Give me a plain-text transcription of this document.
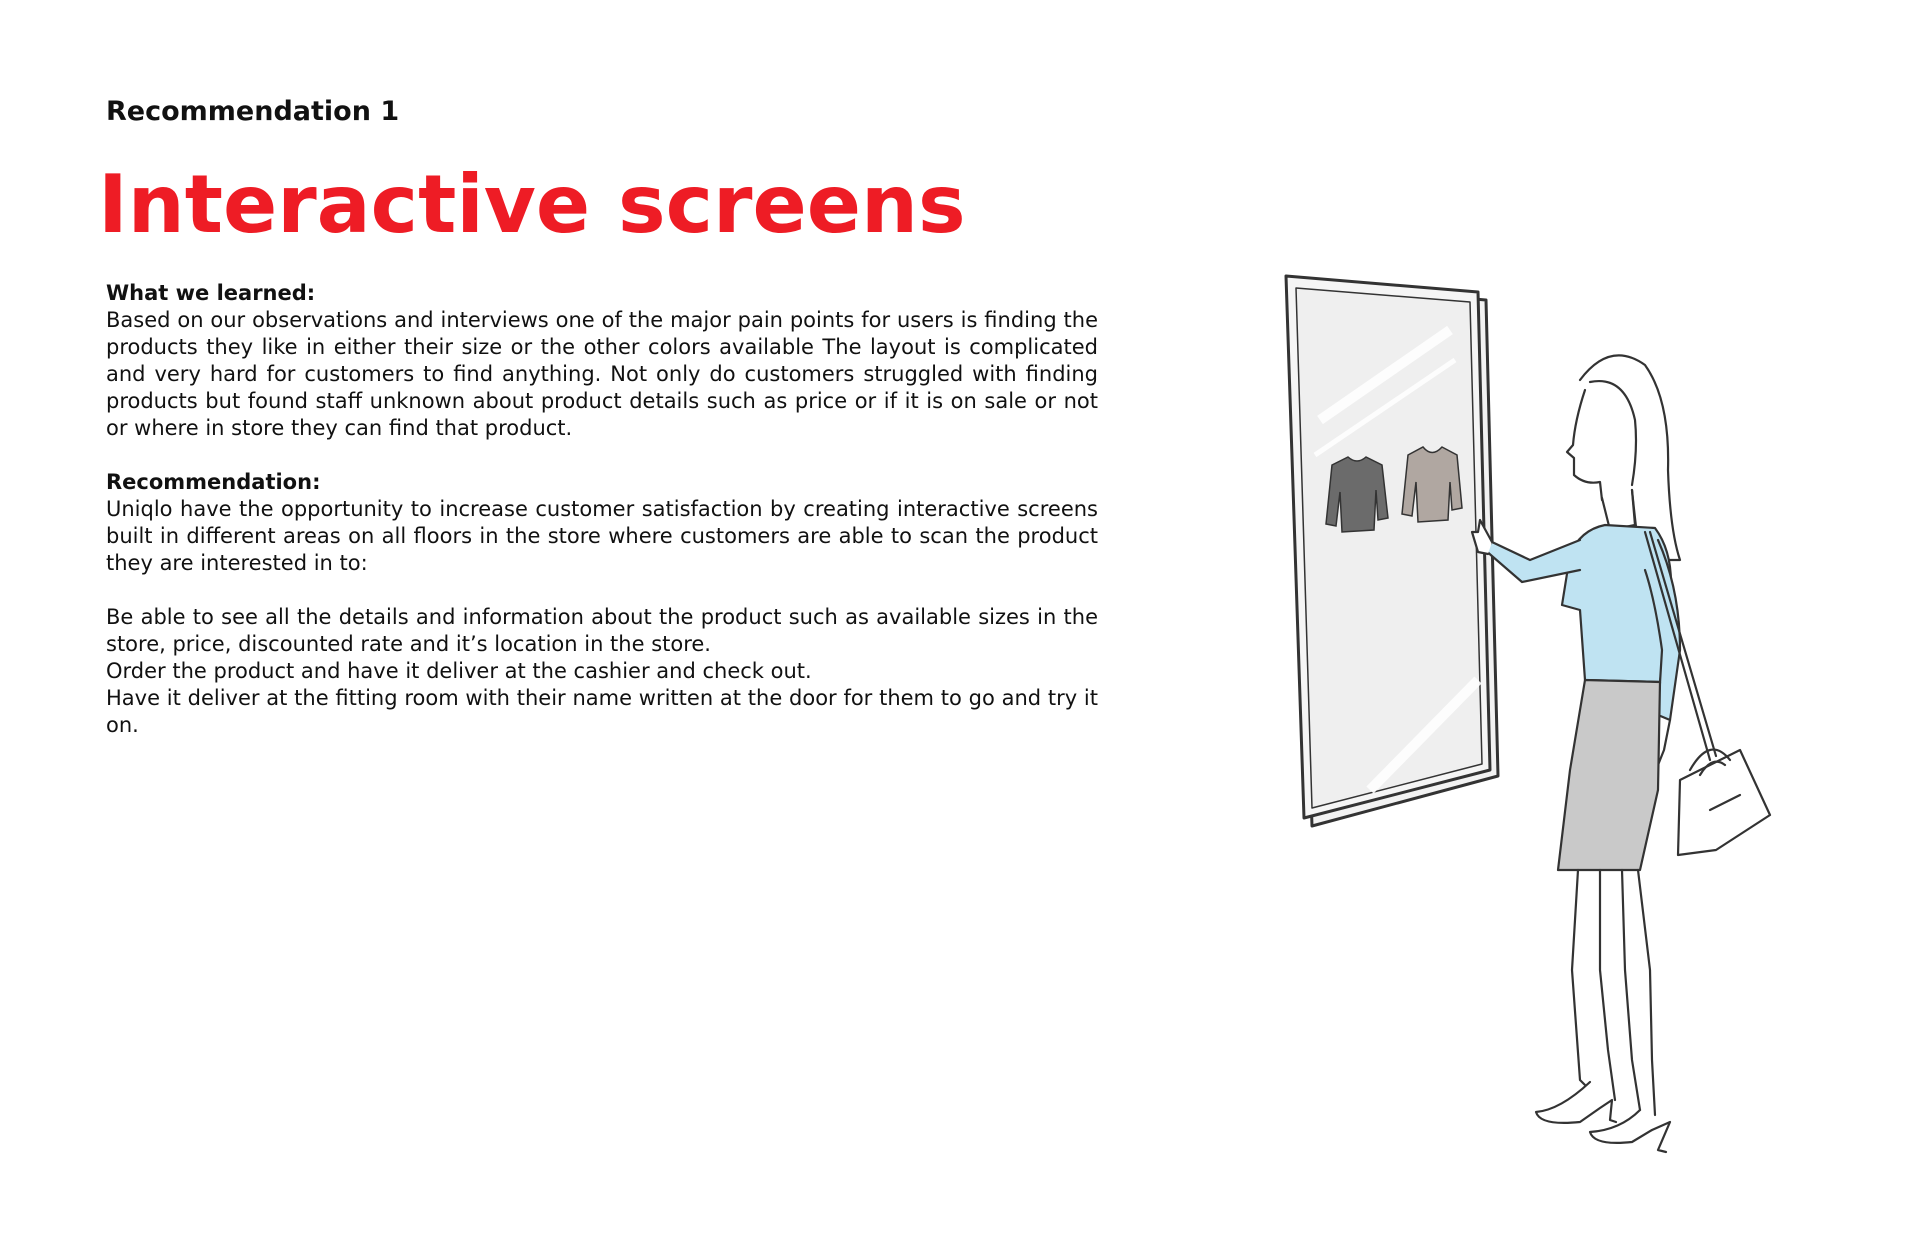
Recommendation 1
Interactive screens
What we learned:

Based on our observations and interviews one of the major pain points for users is finding the products they like in either their size or the other colors available The layout is complicated and very hard for customers to find anything. Not only do customers struggled with finding products but found staff unknown about product details such as price or if it is on sale or not or where in store they can find that product.

Recommendation:

Uniqlo have the opportunity to increase customer satisfaction by creating interactive screens built in different areas on all floors in the store where customers are able to scan the product they are interested in to:

Be able to see all the details and information about the product such as available sizes in the store, price, discounted rate and it’s location in the store.

Order the product and have it deliver at the cashier and check out.

Have it deliver at the fitting room with their name written at the door for them to go and try it on.
